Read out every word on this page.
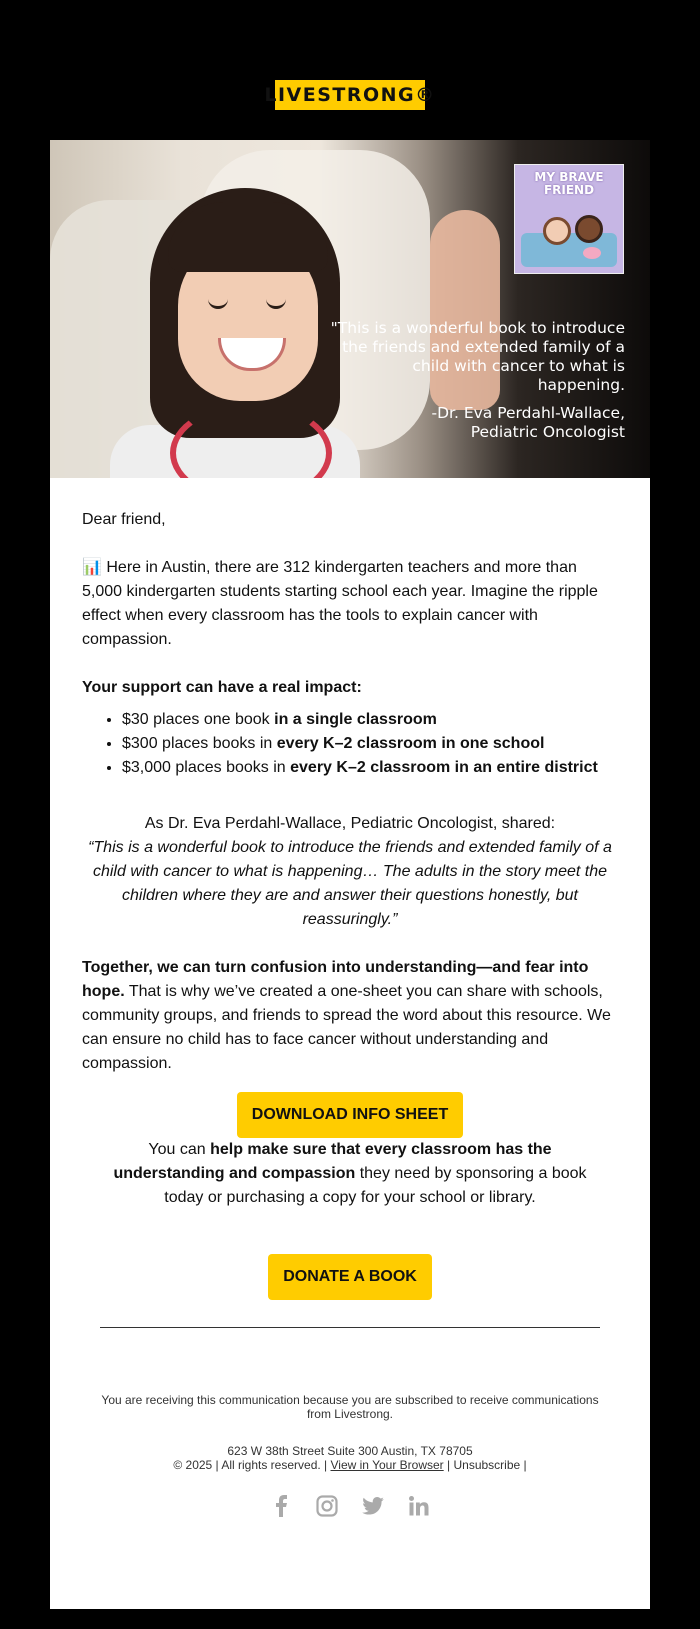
LIVESTRONG®
MY BRAVE FRIEND
"This is a wonderful book to introduce the friends and extended family of a child with cancer to what is happening.
-Dr. Eva Perdahl-Wallace,
Pediatric Oncologist

Dear friend,

📊 Here in Austin, there are 312 kindergarten teachers and more than 5,000 kindergarten students starting school each year. Imagine the ripple effect when every classroom has the tools to explain cancer with compassion.

Your support can have a real impact:

• $30 places one book in a single classroom
• $300 places books in every K–2 classroom in one school
• $3,000 places books in every K–2 classroom in an entire district

As Dr. Eva Perdahl-Wallace, Pediatric Oncologist, shared:

“This is a wonderful book to introduce the friends and extended family of a child with cancer to what is happening… The adults in the story meet the children where they are and answer their questions honestly, but reassuringly.”

Together, we can turn confusion into understanding—and fear into hope. That is why we’ve created a one-sheet you can share with schools, community groups, and friends to spread the word about this resource. We can ensure no child has to face cancer without understanding and compassion.

DOWNLOAD INFO SHEET

You can help make sure that every classroom has the understanding and compassion they need by sponsoring a book today or purchasing a copy for your school or library.

DONATE A BOOK
You are receiving this communication because you are subscribed to receive communications from Livestrong.
623 W 38th Street Suite 300 Austin, TX 78705
© 2025 | All rights reserved. | View in Your Browser | Unsubscribe |
